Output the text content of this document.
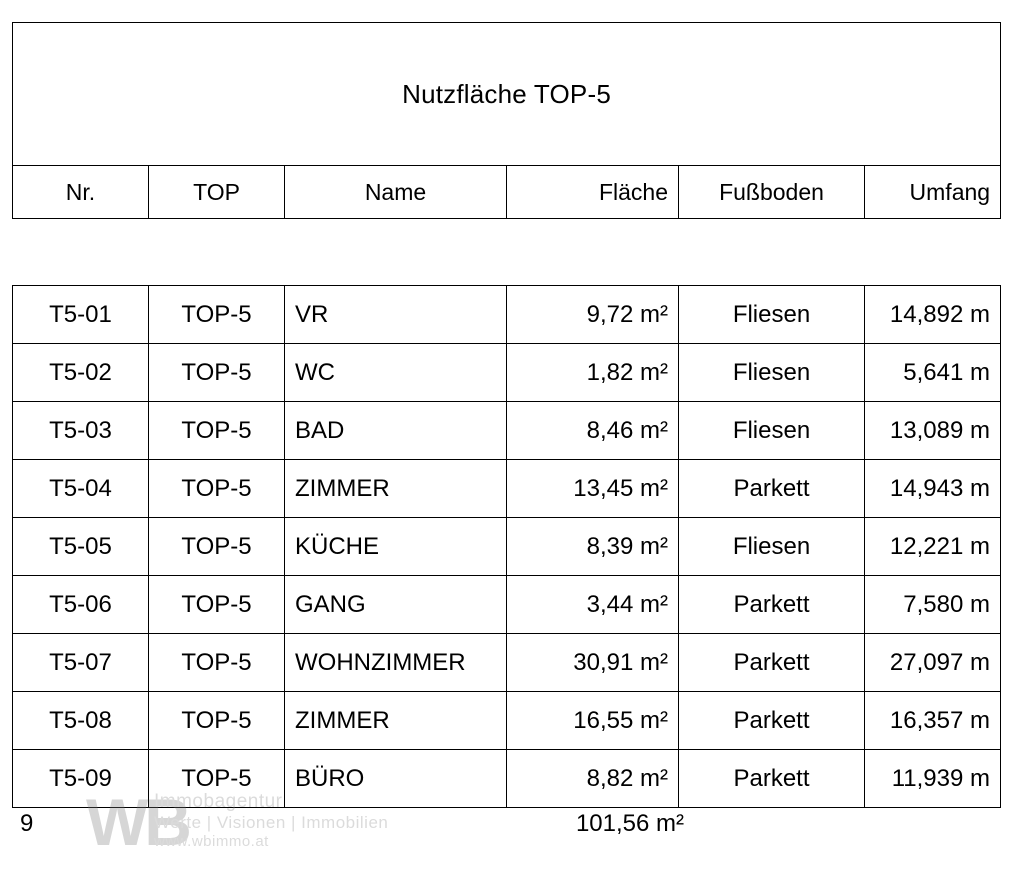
Nutzfläche TOP-5
Nr.	TOP	Name	Fläche	Fußboden	Umfang
T5-01	TOP-5	VR	9,72 m²	Fliesen	14,892 m
T5-02	TOP-5	WC	1,82 m²	Fliesen	5,641 m
T5-03	TOP-5	BAD	8,46 m²	Fliesen	13,089 m
T5-04	TOP-5	ZIMMER	13,45 m²	Parkett	14,943 m
T5-05	TOP-5	KÜCHE	8,39 m²	Fliesen	12,221 m
T5-06	TOP-5	GANG	3,44 m²	Parkett	7,580 m
T5-07	TOP-5	WOHNZIMMER	30,91 m²	Parkett	27,097 m
T5-08	TOP-5	ZIMMER	16,55 m²	Parkett	16,357 m
T5-09	TOP-5	BÜRO	8,82 m²	Parkett	11,939 m
9	101,56 m²
WB
Immobagentur
Werte | Visionen | Immobilien
www.wbimmo.at
